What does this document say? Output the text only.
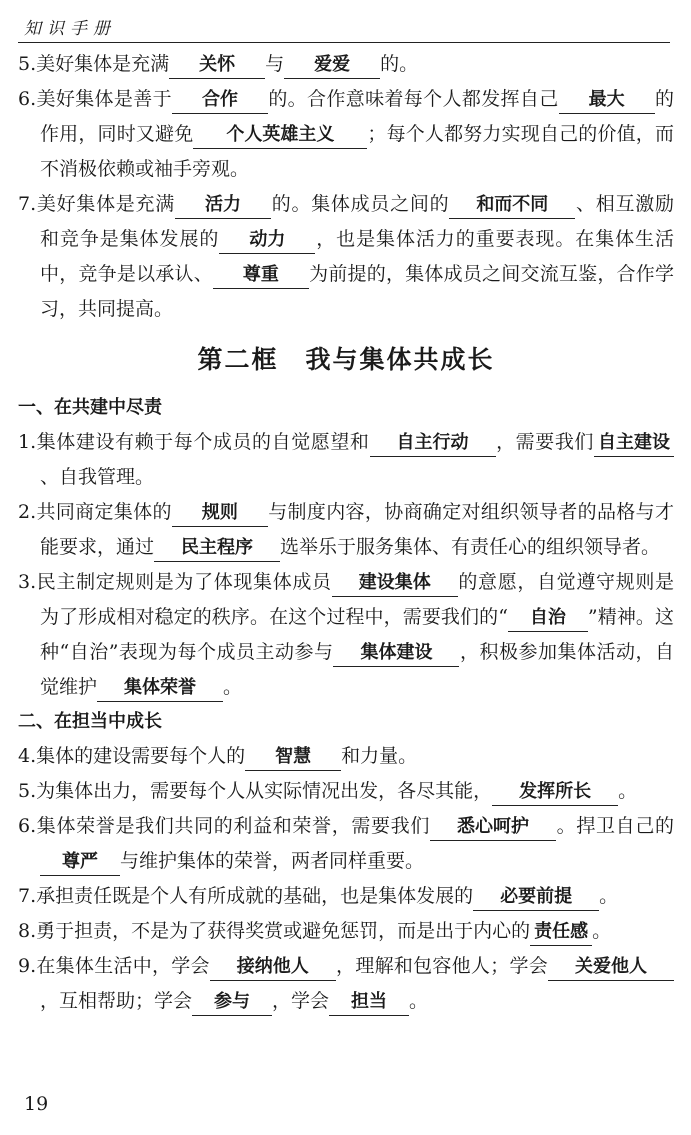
知识手册
5.美好集体是充满 关怀 与 爱爱 的。
6.美好集体是善于 合作 的。合作意味着每个人都发挥自己 最大 的作用，同时又避免 个人英雄主义 ；每个人都努力实现自己的价值，而不消极依赖或袖手旁观。
7.美好集体是充满 活力 的。集体成员之间的 和而不同 、相互激励和竞争是集体发展的 动力 ，也是集体活力的重要表现。在集体生活中，竞争是以承认、 尊重 为前提的，集体成员之间交流互鉴，合作学习，共同提高。
第二框　我与集体共成长
一、在共建中尽责
1.集体建设有赖于每个成员的自觉愿望和 自主行动 ，需要我们 自主建设、自我管理。
2.共同商定集体的 规则 与制度内容，协商确定对组织领导者的品格与才能要求，通过 民主程序 选举乐于服务集体、有责任心的组织领导者。
3.民主制定规则是为了体现集体成员 建设集体 的意愿，自觉遵守规则是为了形成相对稳定的秩序。在这个过程中，需要我们的“ 自治 ”精神。这种“自治”表现为每个成员主动参与 集体建设 ，积极参加集体活动，自觉维护 集体荣誉 。
二、在担当中成长
4.集体的建设需要每个人的 智慧 和力量。
5.为集体出力，需要每个人从实际情况出发，各尽其能， 发挥所长 。
6.集体荣誉是我们共同的利益和荣誉，需要我们 悉心呵护 。捍卫自己的尊严 与维护集体的荣誉，两者同样重要。
7.承担责任既是个人有所成就的基础，也是集体发展的 必要前提 。
8.勇于担责，不是为了获得奖赏或避免惩罚，而是出于内心的 责任感 。
9.在集体生活中，学会 接纳他人 ，理解和包容他人；学会 关爱他人，互相帮助；学会 参与 ，学会 担当 。
19
